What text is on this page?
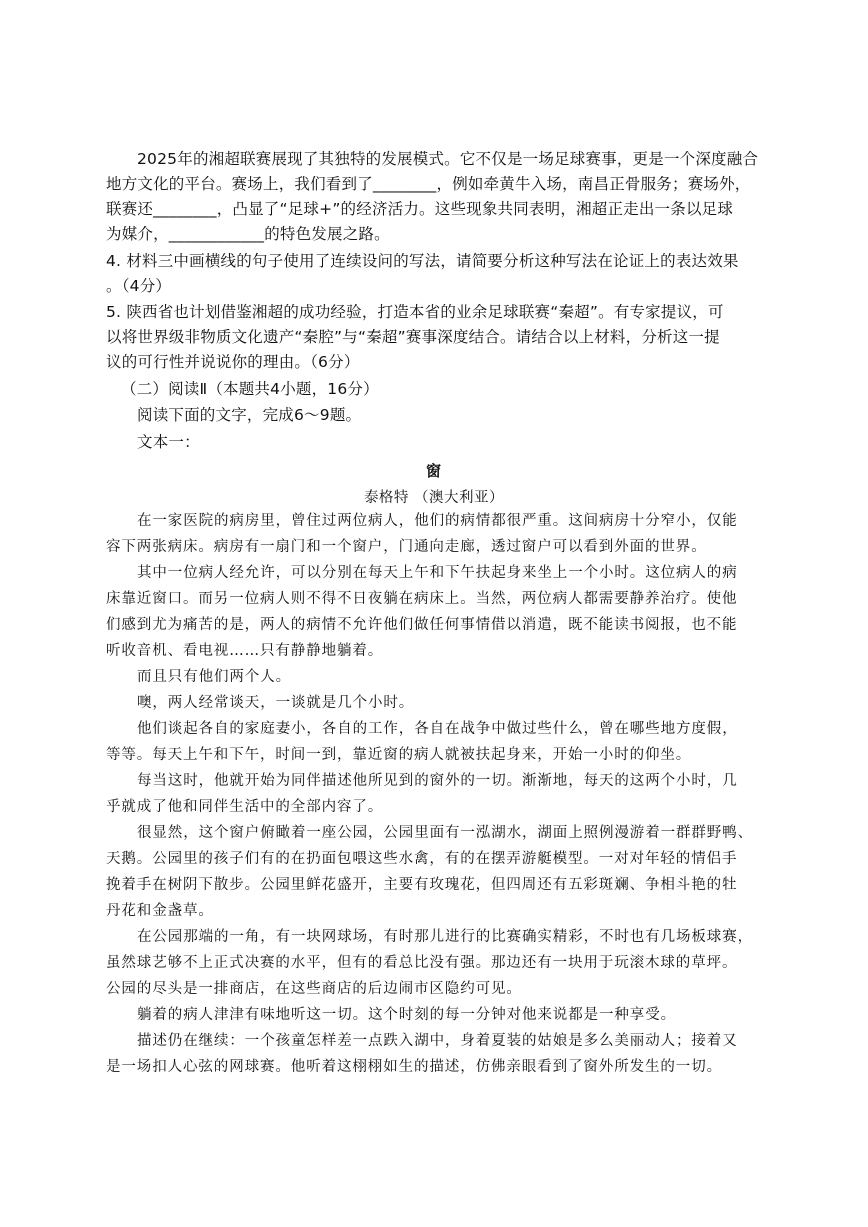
2025年的湘超联赛展现了其独特的发展模式。它不仅是一场足球赛事，更是一个深度融合
地方文化的平台。赛场上，我们看到了________，例如牵黄牛入场，南昌正骨服务；赛场外，
联赛还________，凸显了“足球+”的经济活力。这些现象共同表明，湘超正走出一条以足球
为媒介，____________的特色发展之路。
4. 材料三中画横线的句子使用了连续设问的写法，请简要分析这种写法在论证上的表达效果
。（4分）
5. 陕西省也计划借鉴湘超的成功经验，打造本省的业余足球联赛“秦超”。有专家提议，可
以将世界级非物质文化遗产“秦腔”与“秦超”赛事深度结合。请结合以上材料，分析这一提
议的可行性并说说你的理由。（6分）
（二）阅读Ⅱ（本题共4小题，16分）
阅读下面的文字，完成6～9题。
文本一：
窗
泰格特 （澳大利亚）
在一家医院的病房里，曾住过两位病人，他们的病情都很严重。这间病房十分窄小，仅能
容下两张病床。病房有一扇门和一个窗户，门通向走廊，透过窗户可以看到外面的世界。
其中一位病人经允许，可以分别在每天上午和下午扶起身来坐上一个小时。这位病人的病
床靠近窗口。而另一位病人则不得不日夜躺在病床上。当然，两位病人都需要静养治疗。使他
们感到尤为痛苦的是，两人的病情不允许他们做任何事情借以消遣，既不能读书阅报，也不能
听收音机、看电视……只有静静地躺着。
而且只有他们两个人。
噢，两人经常谈天，一谈就是几个小时。
他们谈起各自的家庭妻小，各自的工作，各自在战争中做过些什么，曾在哪些地方度假，
等等。每天上午和下午，时间一到，靠近窗的病人就被扶起身来，开始一小时的仰坐。
每当这时，他就开始为同伴描述他所见到的窗外的一切。渐渐地，每天的这两个小时，几
乎就成了他和同伴生活中的全部内容了。
很显然，这个窗户俯瞰着一座公园，公园里面有一泓湖水，湖面上照例漫游着一群群野鸭、
天鹅。公园里的孩子们有的在扔面包喂这些水禽，有的在摆弄游艇模型。一对对年轻的情侣手
挽着手在树阴下散步。公园里鲜花盛开，主要有玫瑰花，但四周还有五彩斑斓、争相斗艳的牡
丹花和金盏草。
在公园那端的一角，有一块网球场，有时那儿进行的比赛确实精彩，不时也有几场板球赛，
虽然球艺够不上正式决赛的水平，但有的看总比没有强。那边还有一块用于玩滚木球的草坪。
公园的尽头是一排商店，在这些商店的后边闹市区隐约可见。
躺着的病人津津有味地听这一切。这个时刻的每一分钟对他来说都是一种享受。
描述仍在继续：一个孩童怎样差一点跌入湖中，身着夏装的姑娘是多么美丽动人；接着又
是一场扣人心弦的网球赛。他听着这栩栩如生的描述，仿佛亲眼看到了窗外所发生的一切。
